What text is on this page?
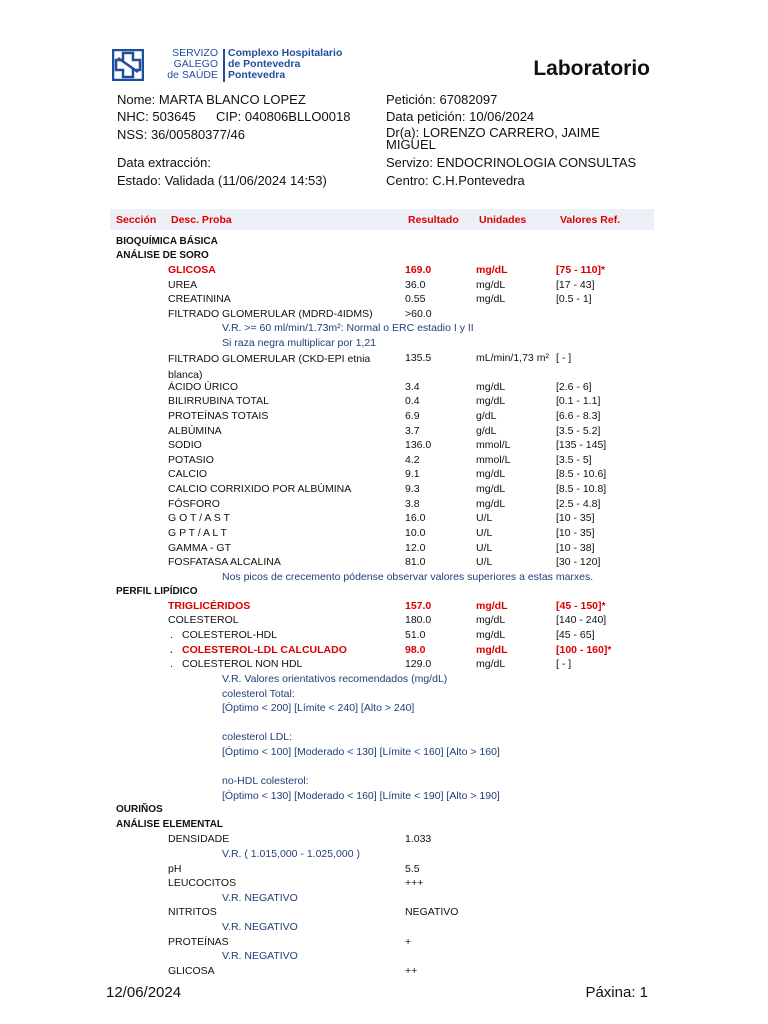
SERVIZO
GALEGO
de SAÚDE
Complexo Hospitalario
de Pontevedra
Pontevedra	Laboratorio
Nome: MARTA BLANCO LOPEZ
NHC: 503645 CIP: 040806BLLO0018
NSS: 36/00580377/46
Data extracción:
Estado: Validada (11/06/2024 14:53)
Petición: 67082097
Data petición: 10/06/2024
Dr(a): LORENZO CARRERO, JAIME MIGUEL
Servizo: ENDOCRINOLOGIA CONSULTAS
Centro: C.H.Pontevedra
Sección Desc. Proba	Resultado Unidades	Valores Ref.
BIOQUÍMICA BÁSICA
ANÁLISE DE SORO
GLICOSA	169.0	mg/dL	[75 - 110]*
UREA	36.0	mg/dL	[17 - 43]
CREATININA	0.55	mg/dL	[0.5 - 1]
FILTRADO GLOMERULAR (MDRD-4IDMS)	>60.0
V.R. >= 60 ml/min/1.73m²: Normal o ERC estadio I y II
Si raza negra multiplicar por 1,21
FILTRADO GLOMERULAR (CKD-EPI etnia blanca)
135.5	mL/min/1,73 m² [ - ]
ÁCIDO ÚRICO	3.4	mg/dL	[2.6 - 6]
BILIRRUBINA TOTAL	0.4	mg/dL	[0.1 - 1.1]
PROTEÍNAS TOTAIS	6.9	g/dL	[6.6 - 8.3]
ALBÚMINA	3.7	g/dL	[3.5 - 5.2]
SODIO	136.0	mmol/L	[135 - 145]
POTASIO	4.2	mmol/L	[3.5 - 5]
CALCIO	9.1	mg/dL	[8.5 - 10.6]
CALCIO CORRIXIDO POR ALBÚMINA	9.3	mg/dL	[8.5 - 10.8]
FÓSFORO	3.8	mg/dL	[2.5 - 4.8]
G O T / A S T	16.0	U/L	[10 - 35]
G P T / A L T	10.0	U/L	[10 - 35]
GAMMA - GT	12.0	U/L	[10 - 38]
FOSFATASA ALCALINA	81.0	U/L	[30 - 120]
Nos picos de crecemento pódense observar valores superiores a estas marxes.
PERFIL LIPÍDICO
TRIGLICÉRIDOS	157.0	mg/dL	[45 - 150]*
COLESTEROL	180.0	mg/dL	[140 - 240]
. COLESTEROL-HDL	51.0	mg/dL	[45 - 65]
. COLESTEROL-LDL CALCULADO	98.0	mg/dL	[100 - 160]*
. COLESTEROL NON HDL	129.0	mg/dL	[ - ]
V.R. Valores orientativos recomendados (mg/dL)
colesterol Total:
[Óptimo < 200] [Límite < 240] [Alto > 240]
colesterol LDL:
[Óptimo < 100] [Moderado < 130] [Límite < 160] [Alto > 160]
no-HDL colesterol:
[Óptimo < 130] [Moderado < 160] [Límite < 190] [Alto > 190]
OURIÑOS
ANÁLISE ELEMENTAL
DENSIDADE	1.033
V.R. ( 1.015,000 - 1.025,000 )
pH	5.5
LEUCOCITOS	+++
V.R. NEGATIVO
NITRITOS	NEGATIVO
V.R. NEGATIVO
PROTEÍNAS	+
V.R. NEGATIVO
GLICOSA	++
12/06/2024	Páxina: 1
